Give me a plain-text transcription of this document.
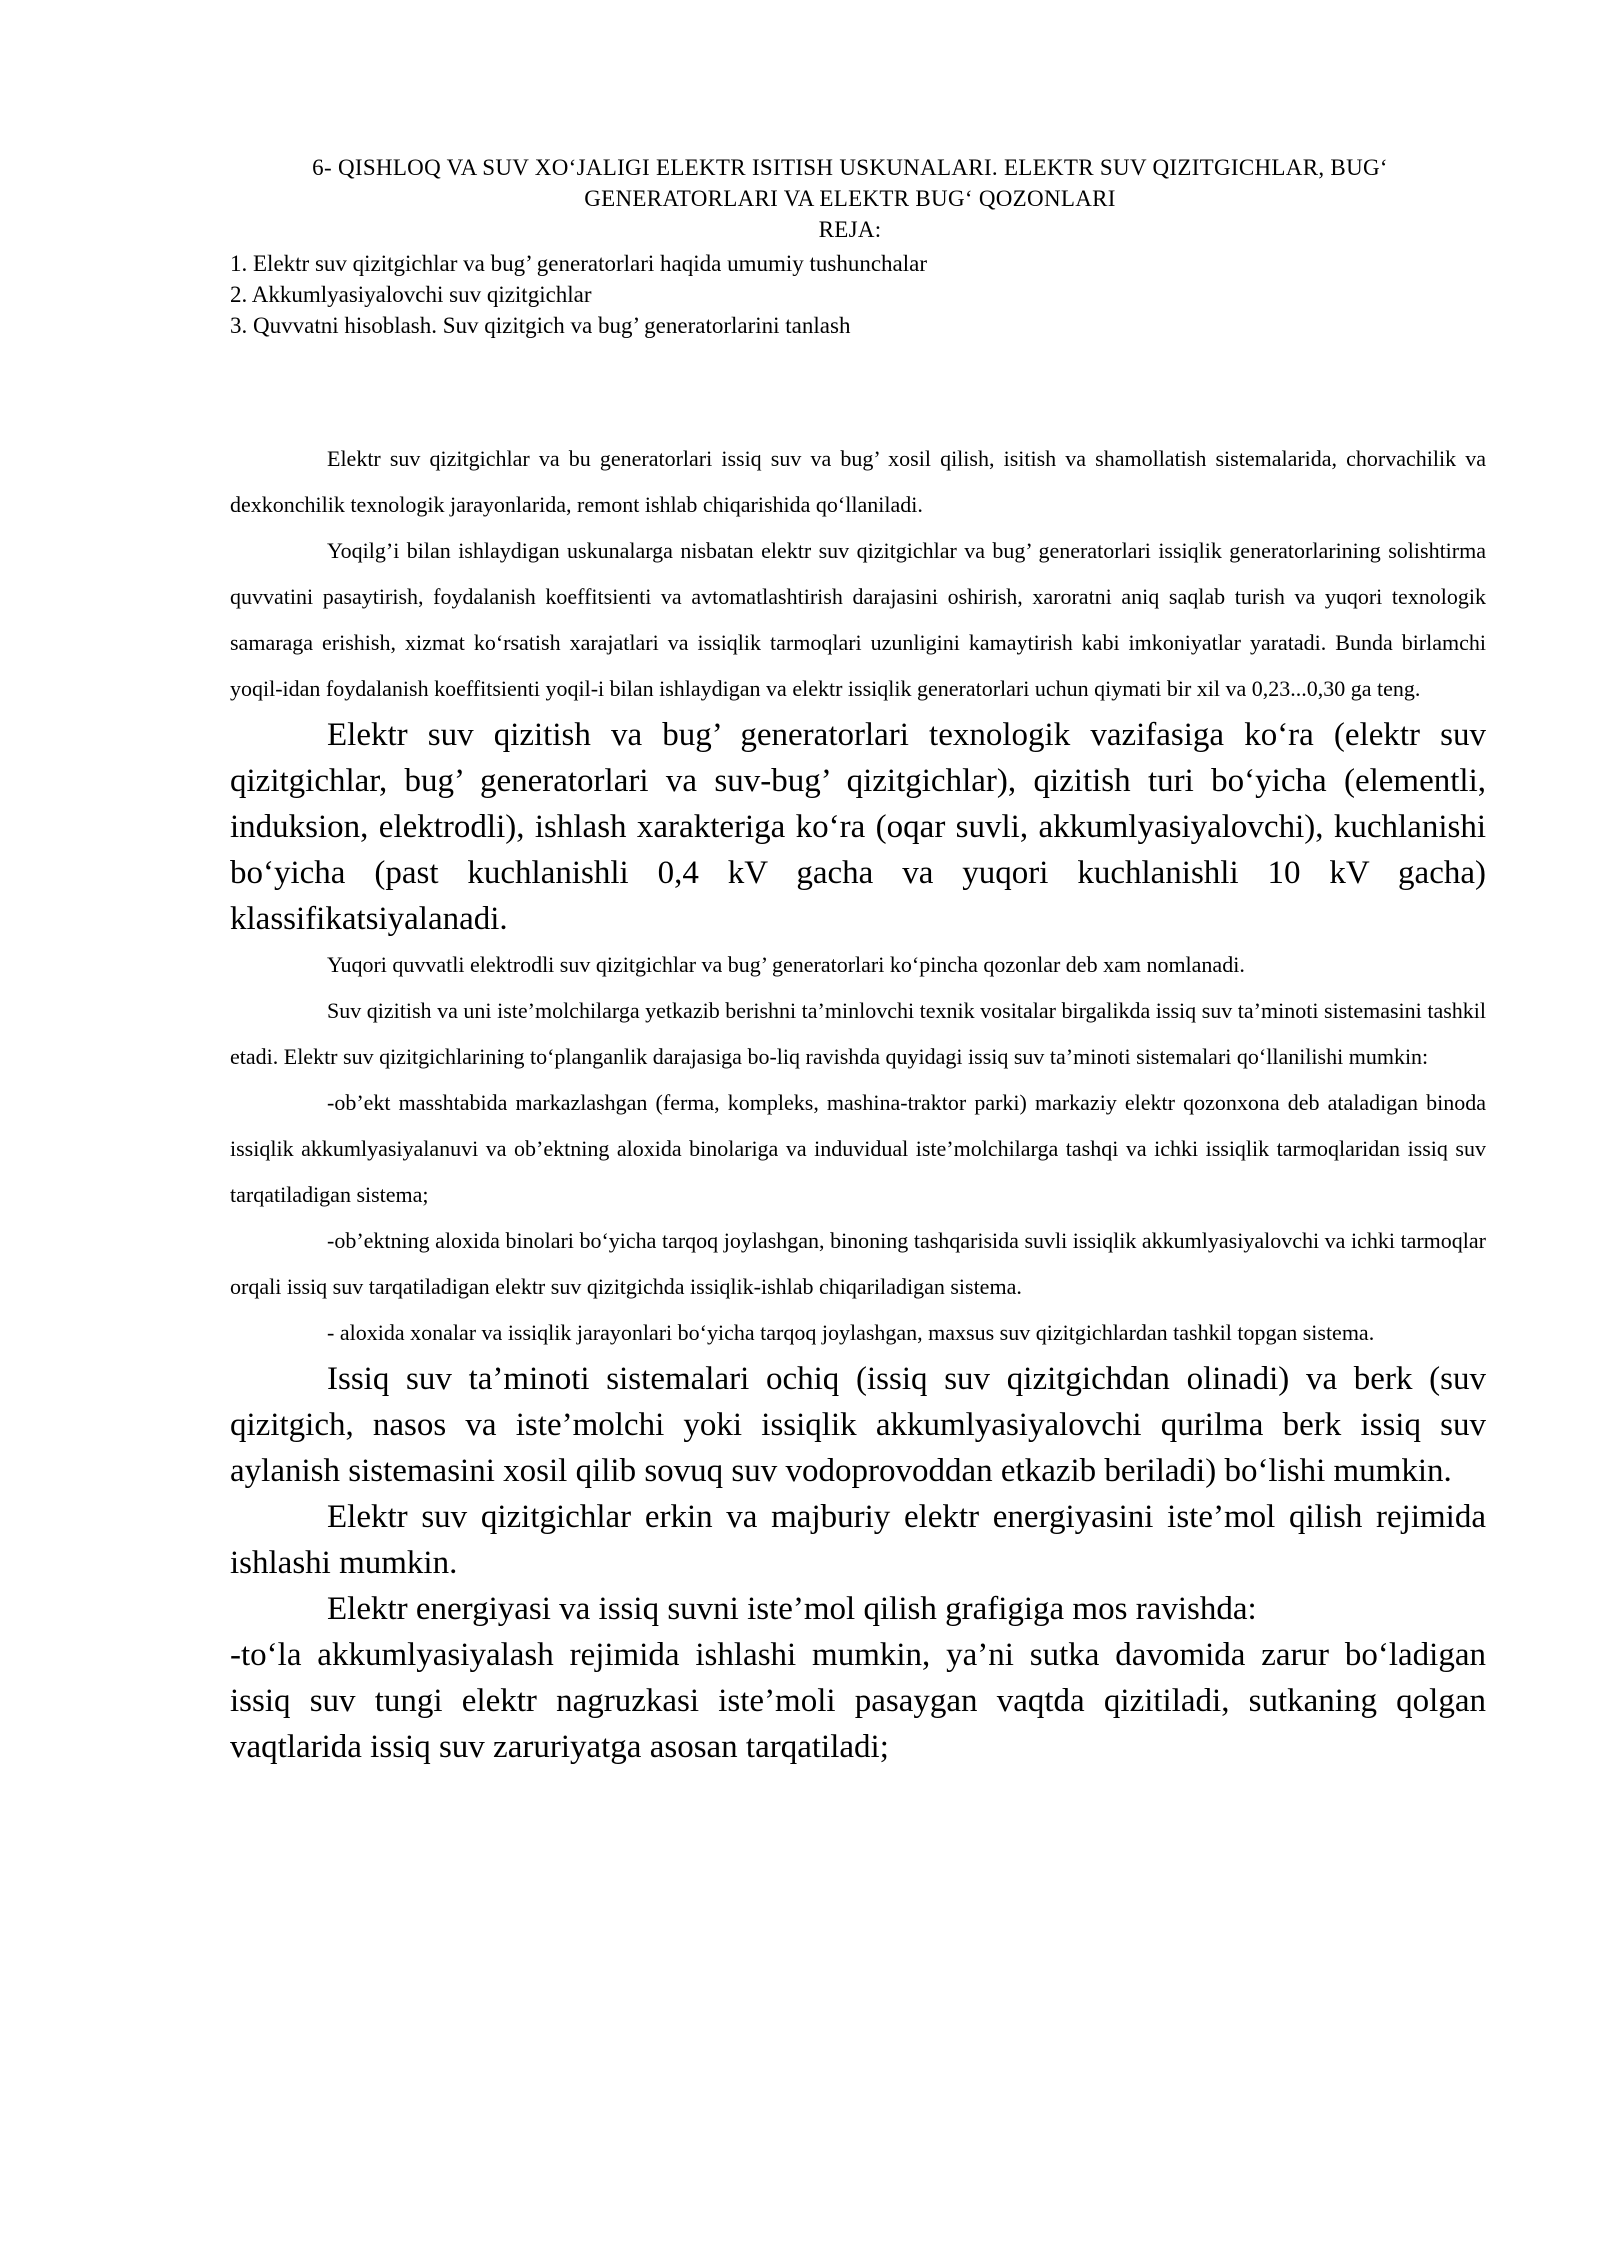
6- QISHLOQ VA SUV XO‘JALIGI ELEKTR ISITISH USKUNALARI. ELEKTR SUV QIZITGICHLAR, BUG‘
GENERATORLARI VA ELEKTR BUG‘ QOZONLARI
REJA:
1. Elektr suv qizitgichlar va bug’ generatorlari haqida umumiy tushunchalar
2. Akkumlyasiyalovchi suv qizitgichlar
3. Quvvatni hisoblash. Suv qizitgich va bug’ generatorlarini tanlash

Elektr suv qizitgichlar va bu generatorlari issiq suv va bug’ xosil qilish, isitish va shamollatish sistemalarida, chorvachilik va dexkonchilik texnologik jarayonlarida, remont ishlab chiqarishida qo‘llaniladi.

Yoqilg’i bilan ishlaydigan uskunalarga nisbatan elektr suv qizitgichlar va bug’ generatorlari issiqlik generatorlarining solishtirma quvvatini pasaytirish, foydalanish koeffitsienti va avtomatlashtirish darajasini oshirish, xaroratni aniq saqlab turish va yuqori texnologik samaraga erishish, xizmat ko‘rsatish xarajatlari va issiqlik tarmoqlari uzunligini kamaytirish kabi imkoniyatlar yaratadi. Bunda birlamchi yoqil-idan foydalanish koeffitsienti yoqil-i bilan ishlaydigan va elektr issiqlik generatorlari uchun qiymati bir xil va 0,23...0,30 ga teng.

Elektr suv qizitish va bug’ generatorlari texnologik vazifasiga ko‘ra (elektr suv qizitgichlar, bug’ generatorlari va suv-bug’ qizitgichlar), qizitish turi bo‘yicha (elementli, induksion, elektrodli), ishlash xarakteriga ko‘ra (oqar suvli, akkumlyasiyalovchi), kuchlanishi bo‘yicha (past kuchlanishli 0,4 kV gacha va yuqori kuchlanishli 10 kV gacha) klassifikatsiyalanadi.

Yuqori quvvatli elektrodli suv qizitgichlar va bug’ generatorlari ko‘pincha qozonlar deb xam nomlanadi.

Suv qizitish va uni iste’molchilarga yetkazib berishni ta’minlovchi texnik vositalar birgalikda issiq suv ta’minoti sistemasini tashkil etadi. Elektr suv qizitgichlarining to‘planganlik darajasiga bo-liq ravishda quyidagi issiq suv ta’minoti sistemalari qo‘llanilishi mumkin:

-ob’ekt masshtabida markazlashgan (ferma, kompleks, mashina-traktor parki) markaziy elektr qozonxona deb ataladigan binoda issiqlik akkumlyasiyalanuvi va ob’ektning aloxida binolariga va induvidual iste’molchilarga tashqi va ichki issiqlik tarmoqlaridan issiq suv tarqatiladigan sistema;

-ob’ektning aloxida binolari bo‘yicha tarqoq joylashgan, binoning tashqarisida suvli issiqlik akkumlyasiyalovchi va ichki tarmoqlar orqali issiq suv tarqatiladigan elektr suv qizitgichda issiqlik-ishlab chiqariladigan sistema.

- aloxida xonalar va issiqlik jarayonlari bo‘yicha tarqoq joylashgan, maxsus suv qizitgichlardan tashkil topgan sistema.

Issiq suv ta’minoti sistemalari ochiq (issiq suv qizitgichdan olinadi) va berk (suv qizitgich, nasos va iste’molchi yoki issiqlik akkumlyasiyalovchi qurilma berk issiq suv aylanish sistemasini xosil qilib sovuq suv vodoprovoddan etkazib beriladi) bo‘lishi mumkin.

Elektr suv qizitgichlar erkin va majburiy elektr energiyasini iste’mol qilish rejimida ishlashi mumkin.

Elektr energiyasi va issiq suvni iste’mol qilish grafigiga mos ravishda:

-to‘la akkumlyasiyalash rejimida ishlashi mumkin, ya’ni sutka davomida zarur bo‘ladigan issiq suv tungi elektr nagruzkasi iste’moli pasaygan vaqtda qizitiladi, sutkaning qolgan vaqtlarida issiq suv zaruriyatga asosan tarqatiladi;
